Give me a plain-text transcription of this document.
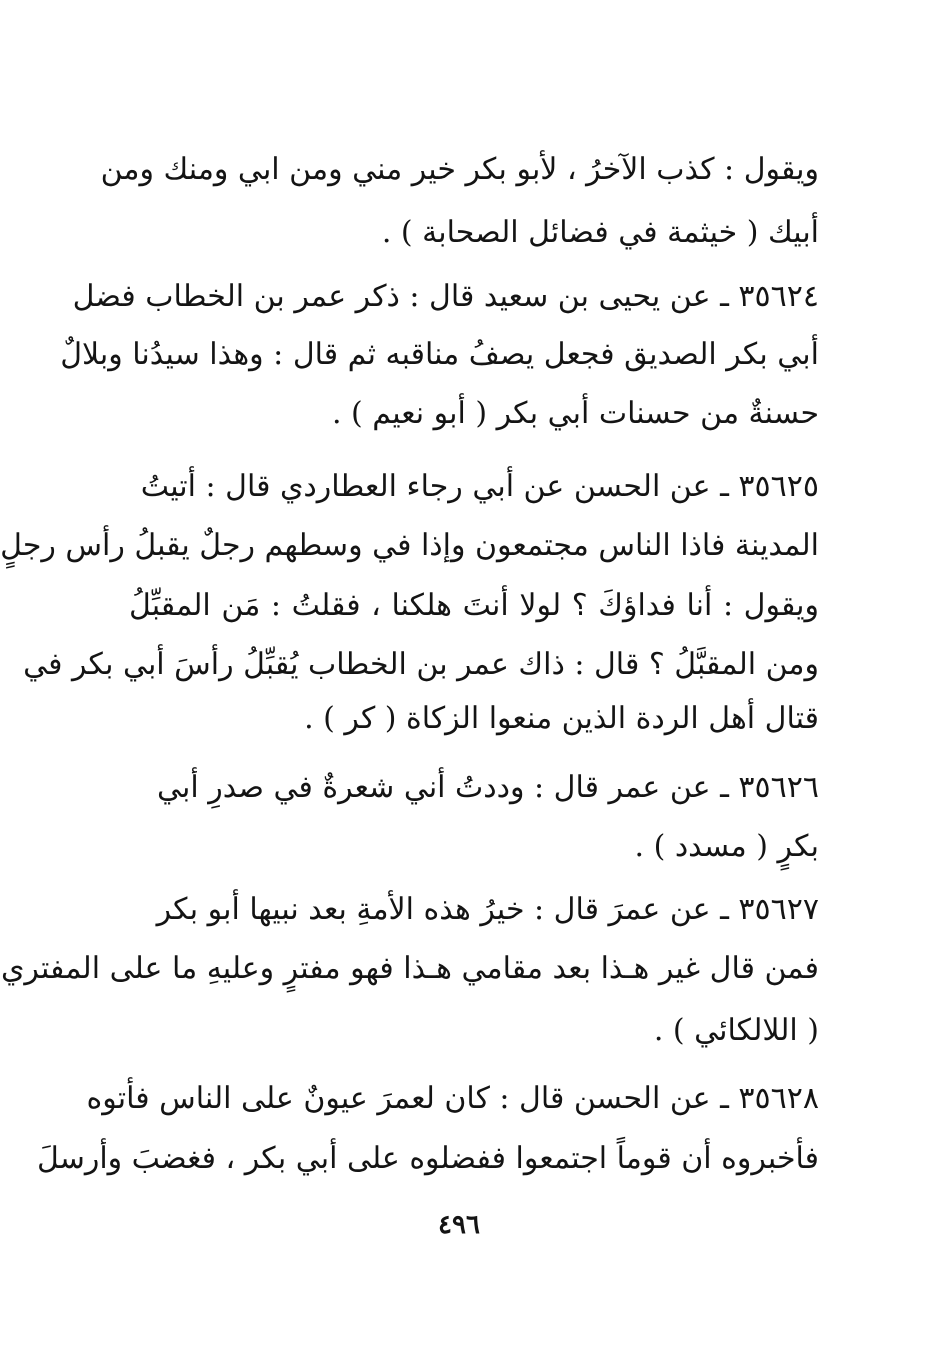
ويقول : كذب الآخرُ ، لأبو بكر خير مني ومن ابي ومنك ومن
أبيك ( خيثمة في فضائل الصحابة ) .
٣٥٦٢٤ ـ عن يحيى بن سعيد قال : ذكر عمر بن الخطاب فضل
أبي بكر الصديق فجعل يصفُ مناقبه ثم قال : وهذا سيدُنا وبلالٌ
حسنةٌ من حسنات أبي بكر ( أبو نعيم ) .
٣٥٦٢٥ ـ عن الحسن عن أبي رجاء العطاردي قال : أتيتُ
المدينة فاذا الناس مجتمعون وإذا في وسطهم رجلٌ يقبلُ رأس رجلٍ
ويقول : أنا فداؤكَ ؟ لولا أنتَ هلكنا ، فقلتُ : مَن المقبِّلُ
ومن المقبَّلُ ؟ قال : ذاك عمر بن الخطاب يُقبِّلُ رأسَ أبي بكر في
قتال أهل الردة الذين منعوا الزكاة ( كر ) .
٣٥٦٢٦ ـ عن عمر قال : وددتُ أني شعرةٌ في صدرِ أبي
بكرٍ ( مسدد ) .
٣٥٦٢٧ ـ عن عمرَ قال : خيرُ هذه الأمةِ بعد نبيها أبو بكر
فمن قال غير هـذا بعد مقامي هـذا فهو مفترٍ وعليهِ ما على المفتري
( اللالكائي ) .
٣٥٦٢٨ ـ عن الحسن قال : كان لعمرَ عيونٌ على الناس فأتوه
فأخبروه أن قوماً اجتمعوا ففضلوه على أبي بكر ، فغضبَ وأرسلَ
٤٩٦
